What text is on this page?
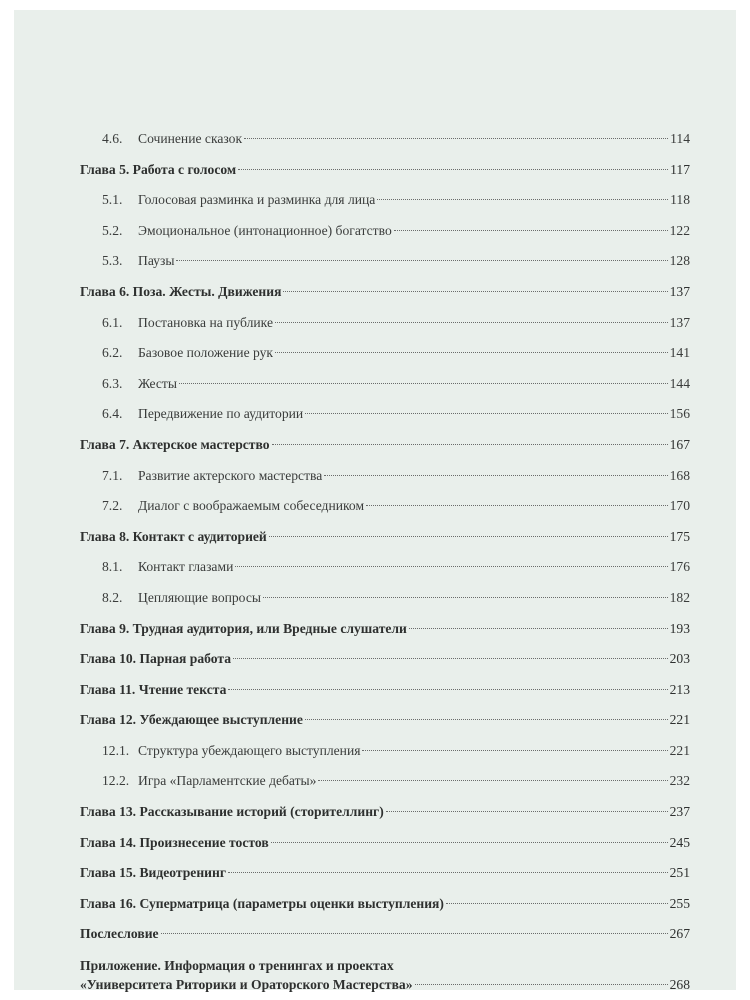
4.6.	Сочинение сказок	114
Глава 5. Работа с голосом	117
5.1.	Голосовая разминка и разминка для лица	118
5.2.	Эмоциональное (интонационное) богатство	122
5.3.	Паузы	128
Глава 6. Поза. Жесты. Движения	137
6.1.	Постановка на публике	137
6.2.	Базовое положение рук	141
6.3.	Жесты	144
6.4.	Передвижение по аудитории	156
Глава 7. Актерское мастерство	167
7.1.	Развитие актерского мастерства	168
7.2.	Диалог с воображаемым собеседником	170
Глава 8. Контакт с аудиторией	175
8.1.	Контакт глазами	176
8.2.	Цепляющие вопросы	182
Глава 9. Трудная аудитория, или Вредные слушатели	193
Глава 10. Парная работа	203
Глава 11. Чтение текста	213
Глава 12. Убеждающее выступление	221
12.1. Структура убеждающего выступления	221
12.2. Игра «Парламентские дебаты»	232
Глава 13. Рассказывание историй (сторителлинг)	237
Глава 14. Произнесение тостов	245
Глава 15. Видеотренинг	251
Глава 16. Суперматрица (параметры оценки выступления)	255
Послесловие	267
Приложение. Информация о тренингах и проектах
«Университета Риторики и Ораторского Мастерства»	268
